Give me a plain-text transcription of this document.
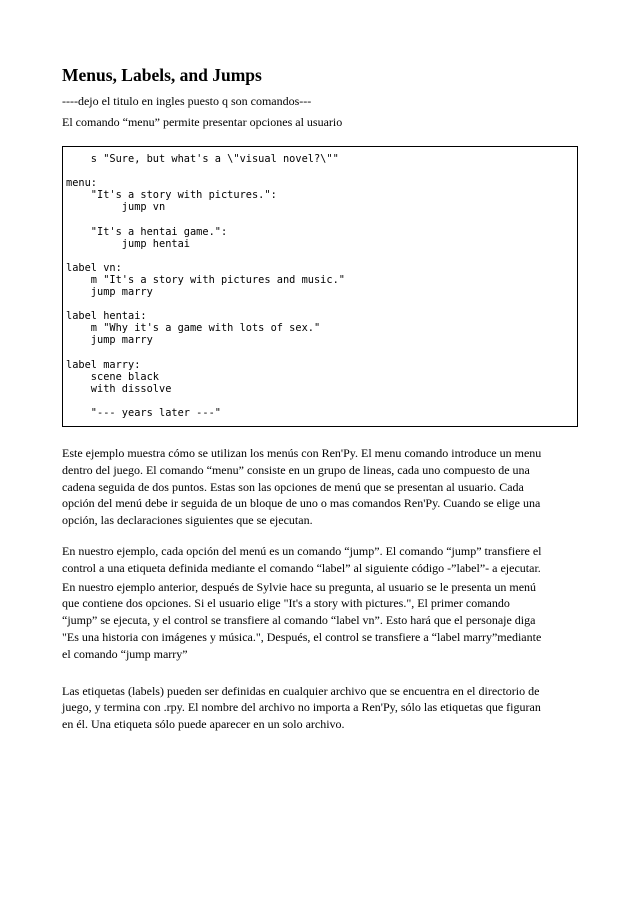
Menus, Labels, and Jumps
----dejo el titulo en ingles puesto q son comandos---
El comando “menu” permite presentar opciones al usuario
s "Sure, but what's a \"visual novel?\""
menu:
"It's a story with pictures.":
jump vn
"It's a hentai game.":
jump hentai
label vn:
m "It's a story with pictures and music."
jump marry
label hentai:
m "Why it's a game with lots of sex."
jump marry
label marry:
scene black
with dissolve
"--- years later ---"
Este ejemplo muestra cómo se utilizan los menús con Ren'Py. El menu comando introduce un menu
dentro del juego. El comando “menu” consiste en un grupo de lineas, cada uno compuesto de una
cadena seguida de dos puntos. Estas son las opciones de menú que se presentan al usuario. Cada
opción del menú debe ir seguida de un bloque de uno o mas comandos Ren'Py. Cuando se elige una
opción, las declaraciones siguientes que se ejecutan.
En nuestro ejemplo, cada opción del menú es un comando “jump”. El comando “jump” transfiere el
control a una etiqueta definida mediante el comando “label” al siguiente código -”label”- a ejecutar.
En nuestro ejemplo anterior, después de Sylvie hace su pregunta, al usuario se le presenta un menú
que contiene dos opciones. Si el usuario elige "It's a story with pictures.", El primer comando
“jump” se ejecuta, y el control se transfiere al comando “label vn”. Esto hará que el personaje diga
"Es una historia con imágenes y música.", Después, el control se transfiere a “label marry”mediante
el comando “jump marry”
Las etiquetas (labels) pueden ser definidas en cualquier archivo que se encuentra en el directorio de
juego, y termina con .rpy. El nombre del archivo no importa a Ren'Py, sólo las etiquetas que figuran
en él. Una etiqueta sólo puede aparecer en un solo archivo.
